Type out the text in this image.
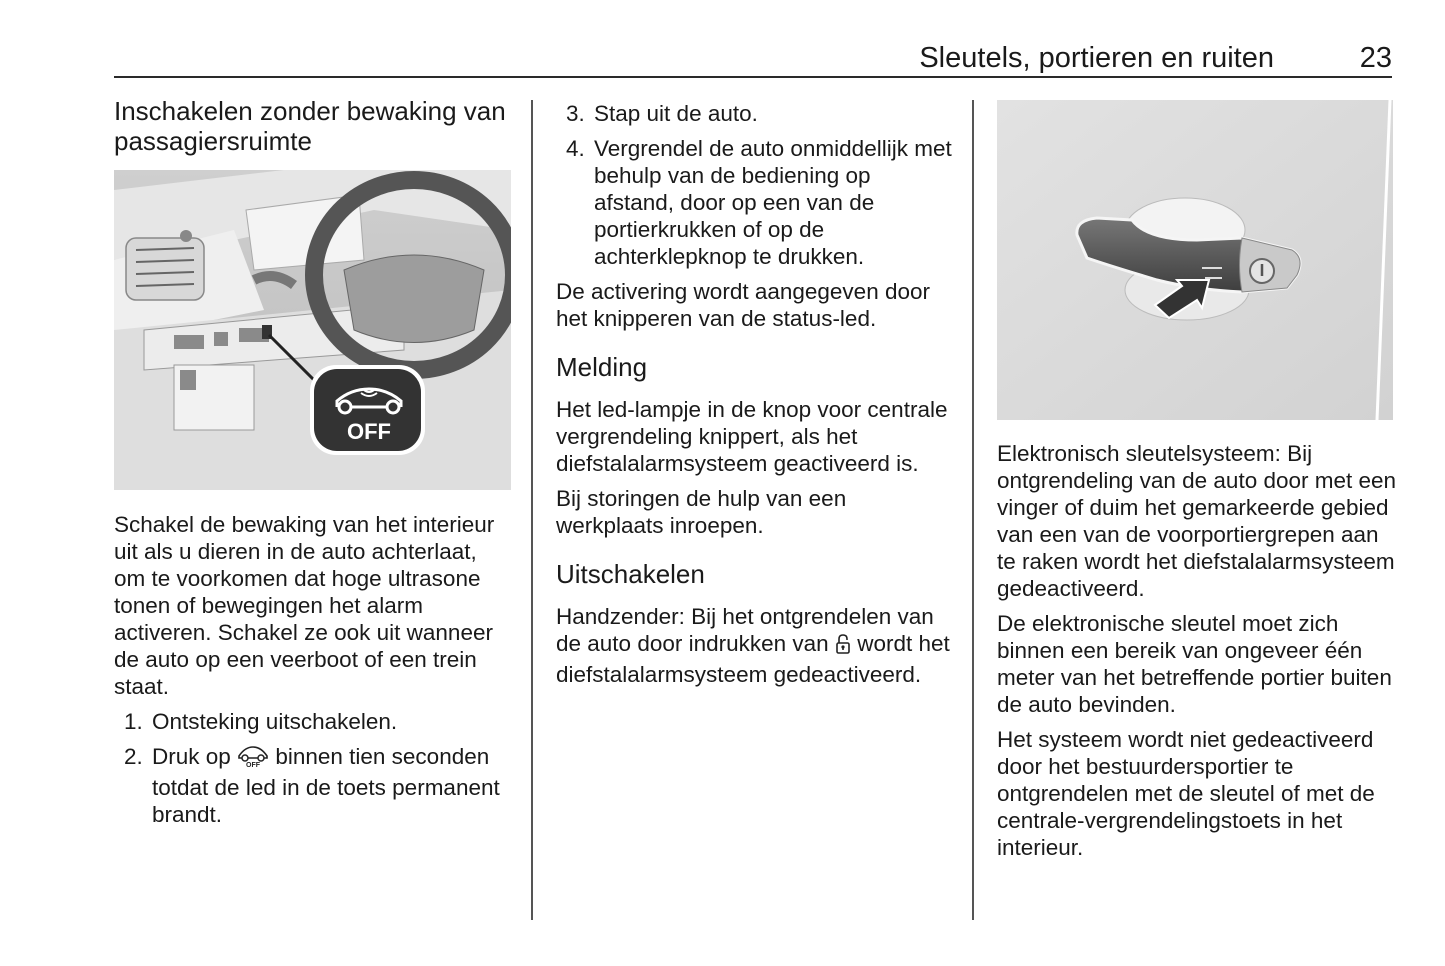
Sleutels, portieren en ruiten	23
Inschakelen zonder bewaking van passagiersruimte
OFF

Schakel de bewaking van het interieur uit als u dieren in de auto achterlaat, om te voorkomen dat hoge ultrasone tonen of bewegingen het alarm activeren. Schakel ze ook uit wanneer de auto op een veerboot of een trein staat.

1. Ontsteking uitschakelen.
2. Druk op OFF binnen tien seconden totdat de led in de toets permanent brandt.
3. Stap uit de auto.
4. Vergrendel de auto onmiddellijk met behulp van de bediening op afstand, door op een van de portierkrukken of op de achterklepknop te drukken.

De activering wordt aangegeven door het knipperen van de status-led.

Melding

Het led-lampje in de knop voor centrale vergrendeling knippert, als het diefstalalarmsysteem geactiveerd is.

Bij storingen de hulp van een werkplaats inroepen.

Uitschakelen

Handzender: Bij het ontgrendelen van de auto door indrukken van wordt het diefstalalarmsysteem gedeactiveerd.

Elektronisch sleutelsysteem: Bij ontgrendeling van de auto door met een vinger of duim het gemarkeerde gebied van een van de voorportiergrepen aan te raken wordt het diefstalalarmsysteem gedeactiveerd.

De elektronische sleutel moet zich binnen een bereik van ongeveer één meter van het betreffende portier buiten de auto bevinden.

Het systeem wordt niet gedeactiveerd door het bestuurdersportier te ontgrendelen met de sleutel of met de centrale-vergrendelingstoets in het interieur.
